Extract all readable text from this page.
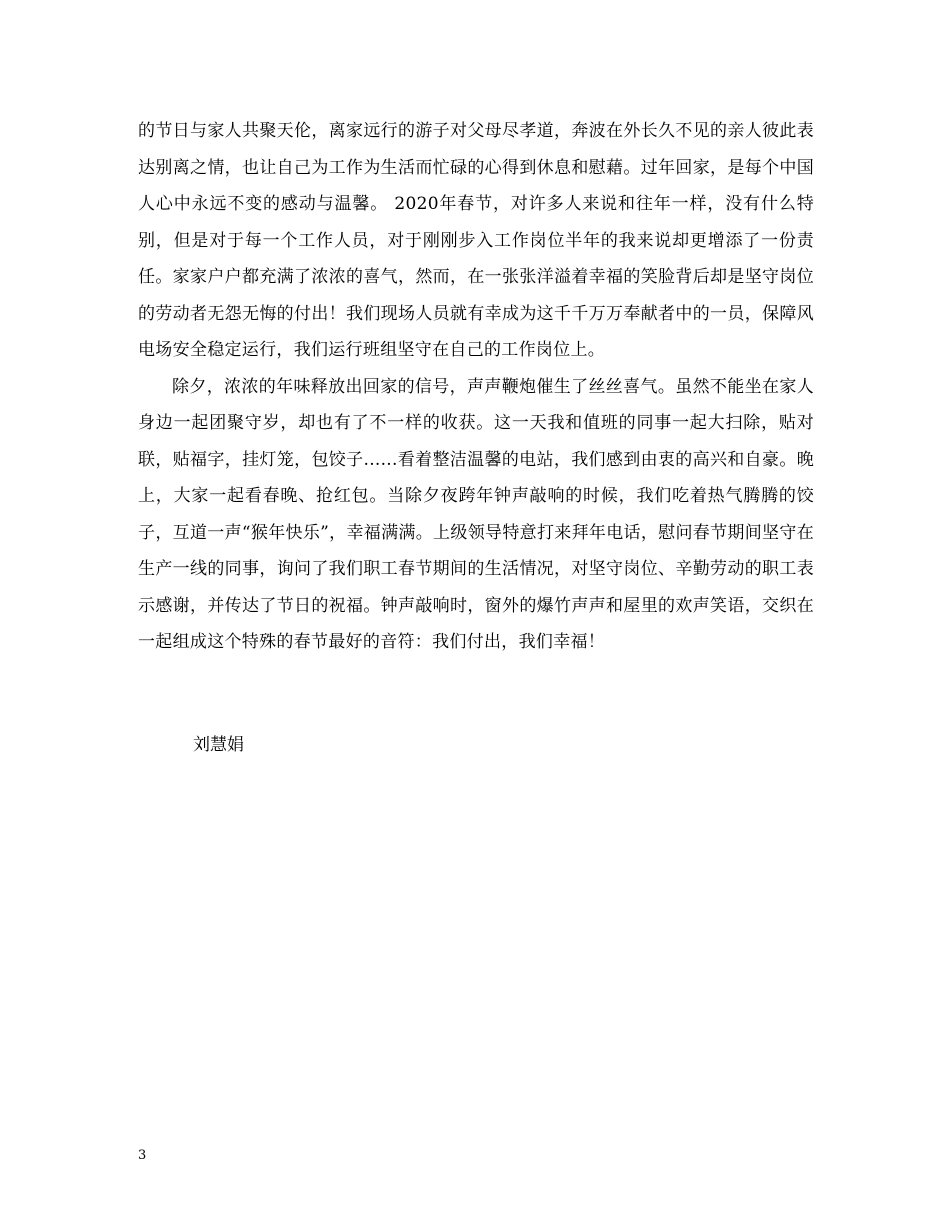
的节日与家人共聚天伦，离家远行的游子对父母尽孝道，奔波在外长久不见的亲人彼此表达别离之情，也让自己为工作为生活而忙碌的心得到休息和慰藉。过年回家，是每个中国人心中永远不变的感动与温馨。 2020年春节，对许多人来说和往年一样，没有什么特别，但是对于每一个工作人员，对于刚刚步入工作岗位半年的我来说却更增添了一份责任。家家户户都充满了浓浓的喜气，然而，在一张张洋溢着幸福的笑脸背后却是坚守岗位的劳动者无怨无悔的付出！我们现场人员就有幸成为这千千万万奉献者中的一员，保障风电场安全稳定运行，我们运行班组坚守在自己的工作岗位上。

除夕，浓浓的年味释放出回家的信号，声声鞭炮催生了丝丝喜气。虽然不能坐在家人身边一起团聚守岁，却也有了不一样的收获。这一天我和值班的同事一起大扫除，贴对联，贴福字，挂灯笼，包饺子......看着整洁温馨的电站，我们感到由衷的高兴和自豪。晚上，大家一起看春晚、抢红包。当除夕夜跨年钟声敲响的时候，我们吃着热气腾腾的饺子，互道一声“猴年快乐”，幸福满满。上级领导特意打来拜年电话，慰问春节期间坚守在生产一线的同事，询问了我们职工春节期间的生活情况，对坚守岗位、辛勤劳动的职工表示感谢，并传达了节日的祝福。钟声敲响时，窗外的爆竹声声和屋里的欢声笑语，交织在一起组成这个特殊的春节最好的音符：我们付出，我们幸福！

刘慧娟
3
